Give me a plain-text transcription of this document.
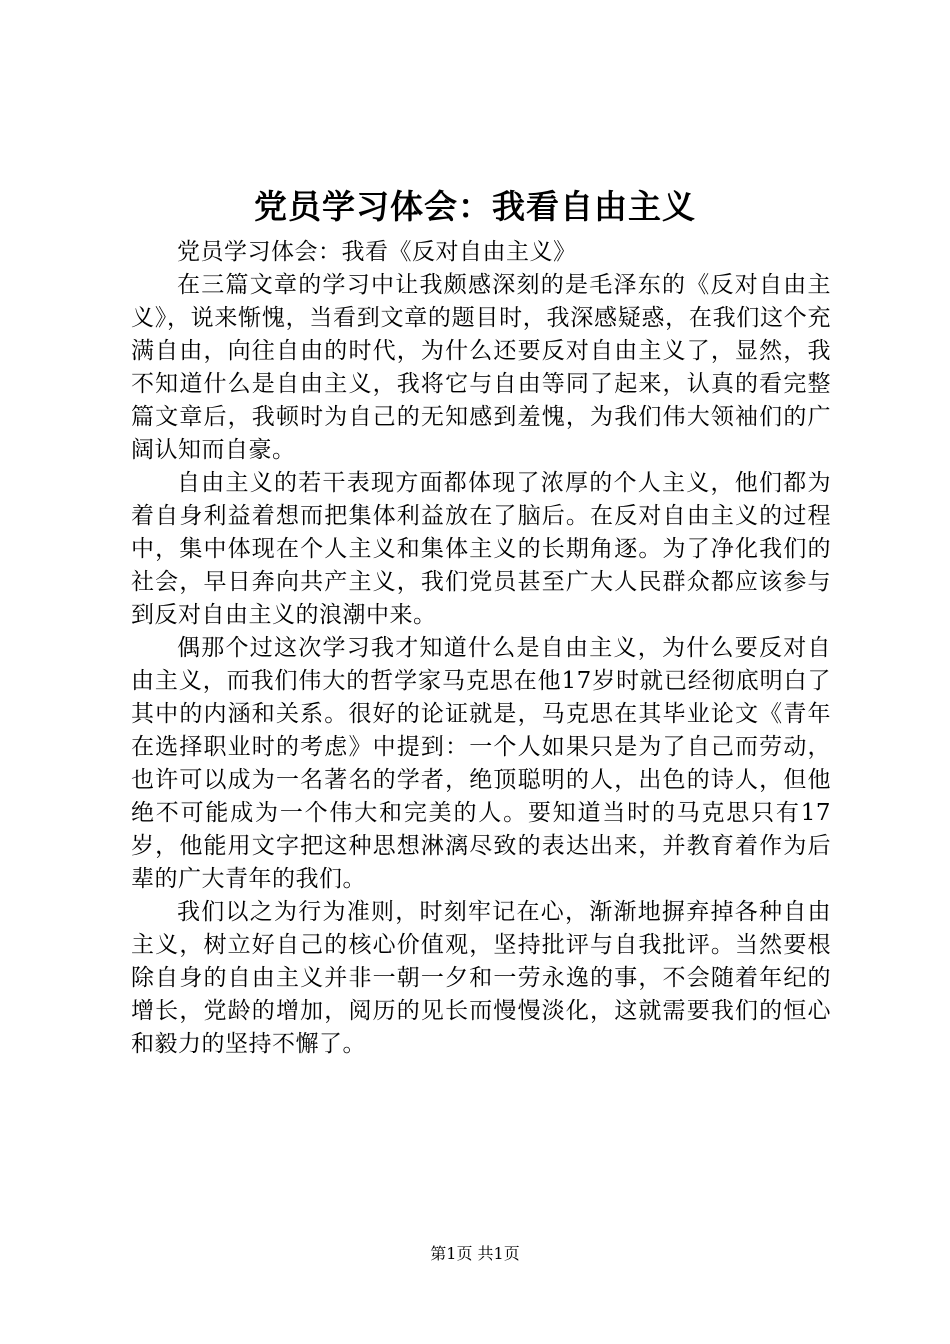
党员学习体会：我看自由主义

党员学习体会：我看《反对自由主义》

在三篇文章的学习中让我颇感深刻的是毛泽东的《反对自由主义》，说来惭愧，当看到文章的题目时，我深感疑惑，在我们这个充满自由，向往自由的时代，为什么还要反对自由主义了，显然，我不知道什么是自由主义，我将它与自由等同了起来，认真的看完整篇文章后，我顿时为自己的无知感到羞愧，为我们伟大领袖们的广阔认知而自豪。

自由主义的若干表现方面都体现了浓厚的个人主义，他们都为着自身利益着想而把集体利益放在了脑后。在反对自由主义的过程中，集中体现在个人主义和集体主义的长期角逐。为了净化我们的社会，早日奔向共产主义，我们党员甚至广大人民群众都应该参与到反对自由主义的浪潮中来。

偶那个过这次学习我才知道什么是自由主义，为什么要反对自由主义，而我们伟大的哲学家马克思在他17岁时就已经彻底明白了其中的内涵和关系。很好的论证就是，马克思在其毕业论文《青年在选择职业时的考虑》中提到：一个人如果只是为了自己而劳动，也许可以成为一名著名的学者，绝顶聪明的人，出色的诗人，但他绝不可能成为一个伟大和完美的人。要知道当时的马克思只有17岁，他能用文字把这种思想淋漓尽致的表达出来，并教育着作为后辈的广大青年的我们。

我们以之为行为准则，时刻牢记在心，渐渐地摒弃掉各种自由主义，树立好自己的核心价值观，坚持批评与自我批评。当然要根除自身的自由主义并非一朝一夕和一劳永逸的事，不会随着年纪的增长，党龄的增加，阅历的见长而慢慢淡化，这就需要我们的恒心和毅力的坚持不懈了。

第1页 共1页
